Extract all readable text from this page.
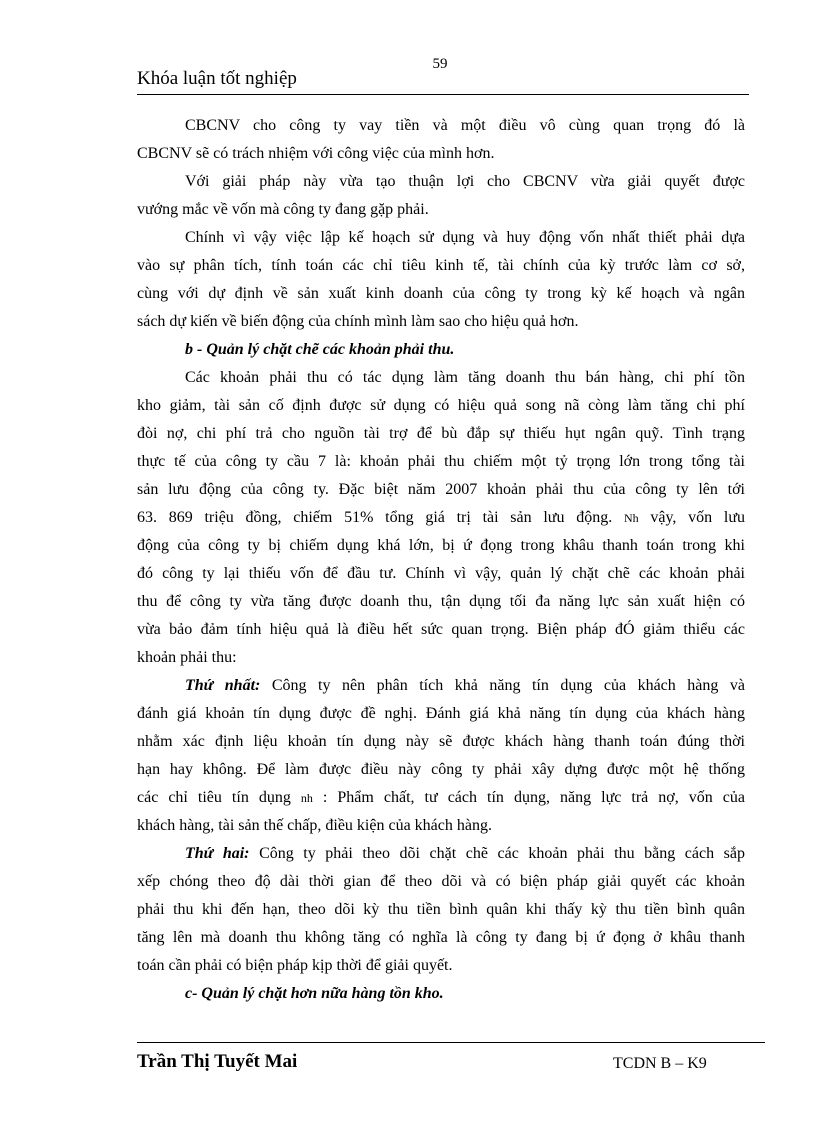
59
Khóa luận tốt nghiệp
CBCNV cho công ty vay tiền và một điều vô cùng quan trọng đó là
CBCNV sẽ có trách nhiệm với công việc của mình hơn.
Với giải pháp này vừa tạo thuận lợi cho CBCNV vừa giải quyết được
vướng mắc về vốn mà công ty đang gặp phải.
Chính vì vậy việc lập kế hoạch sử dụng và huy động vốn nhất thiết phải dựa
vào sự phân tích, tính toán các chỉ tiêu kinh tế, tài chính của kỳ trước làm cơ sở,
cùng với dự định về sản xuất kinh doanh của công ty trong kỳ kế hoạch và ngân
sách dự kiến về biến động của chính mình làm sao cho hiệu quả hơn.
b - Quản lý chặt chẽ các khoản phải thu.
Các khoản phải thu có tác dụng làm tăng doanh thu bán hàng, chi phí tồn
kho giảm, tài sản cố định được sử dụng có hiệu quả song nã còng làm tăng chi phí
đòi nợ, chi phí trả cho nguồn tài trợ để bù đắp sự thiếu hụt ngân quỹ. Tình trạng
thực tế của công ty cầu 7 là: khoản phải thu chiếm một tỷ trọng lớn trong tổng tài
sản lưu động của công ty. Đặc biệt năm 2007 khoản phải thu của công ty lên tới
63. 869 triệu đồng, chiếm 51% tổng giá trị tài sản lưu động. Nh vậy, vốn lưu
động của công ty bị chiếm dụng khá lớn, bị ứ đọng trong khâu thanh toán trong khi
đó công ty lại thiếu vốn để đầu tư. Chính vì vậy, quản lý chặt chẽ các khoản phải
thu để công ty vừa tăng được doanh thu, tận dụng tối đa năng lực sản xuất hiện có
vừa bảo đảm tính hiệu quả là điều hết sức quan trọng. Biện pháp đÓ giảm thiểu các
khoản phải thu:
Thứ nhất: Công ty nên phân tích khả năng tín dụng của khách hàng và
đánh giá khoản tín dụng được đề nghị. Đánh giá khả năng tín dụng của khách hàng
nhằm xác định liệu khoản tín dụng này sẽ được khách hàng thanh toán đúng thời
hạn hay không. Để làm được điều này công ty phải xây dựng được một hệ thống
các chỉ tiêu tín dụng nh : Phẩm chất, tư cách tín dụng, năng lực trả nợ, vốn của
khách hàng, tài sản thế chấp, điều kiện của khách hàng.
Thứ hai: Công ty phải theo dõi chặt chẽ các khoản phải thu bằng cách sắp
xếp chóng theo độ dài thời gian để theo dõi và có biện pháp giải quyết các khoản
phải thu khi đến hạn, theo dõi kỳ thu tiền bình quân khi thấy kỳ thu tiền bình quân
tăng lên mà doanh thu không tăng có nghĩa là công ty đang bị ứ đọng ở khâu thanh
toán cần phải có biện pháp kịp thời để giải quyết.
c- Quản lý chặt hơn nữa hàng tồn kho.
Trần Thị Tuyết Mai	TCDN B – K9
